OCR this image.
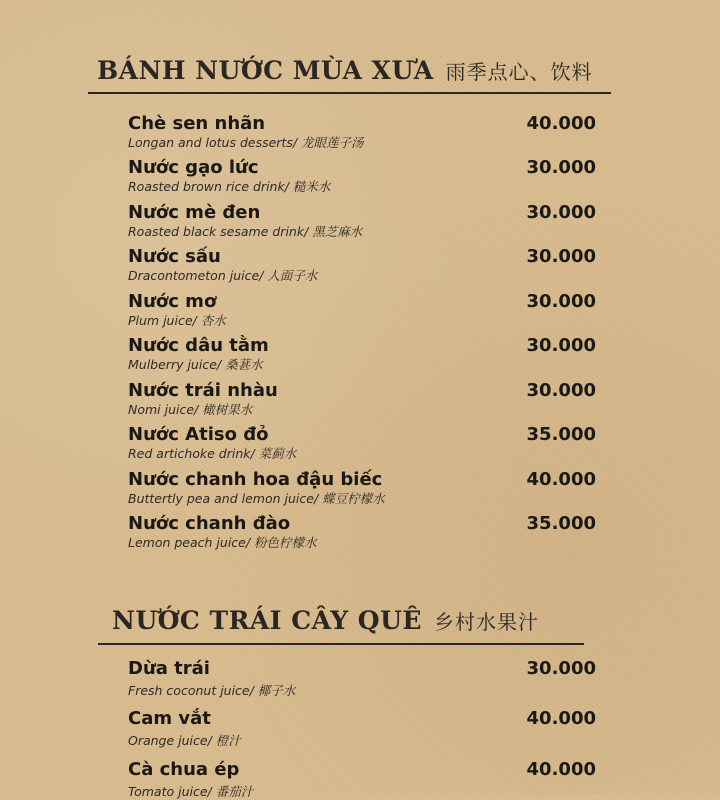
BÁNH NƯỚC MÙA XƯA 雨季点心、饮料
Chè sen nhãn
Longan and lotus desserts/ 龙眼莲子汤
40.000
Nước gạo lức
Roasted brown rice drink/ 糙米水
30.000
Nước mè đen
Roasted black sesame drink/ 黑芝麻水
30.000
Nước sấu
Dracontometon juice/ 人面子水
30.000
Nước mơ
Plum juice/ 杏水
30.000
Nước dâu tằm
Mulberry juice/ 桑葚水
30.000
Nước trái nhàu
Nomi juice/ 橄树果水
30.000
Nước Atiso đỏ
Red artichoke drink/ 菜蓟水
35.000
Nước chanh hoa đậu biếc
Buttertly pea and lemon juice/ 蝶豆柠檬水
40.000
Nước chanh đào
Lemon peach juice/ 粉色柠檬水
35.000
NƯỚC TRÁI CÂY QUÊ 乡村水果汁
Dừa trái
Fresh coconut juice/ 椰子水
30.000
Cam vắt
Orange juice/ 橙汁
40.000
Cà chua ép
Tomato juice/ 番茄汁
40.000
